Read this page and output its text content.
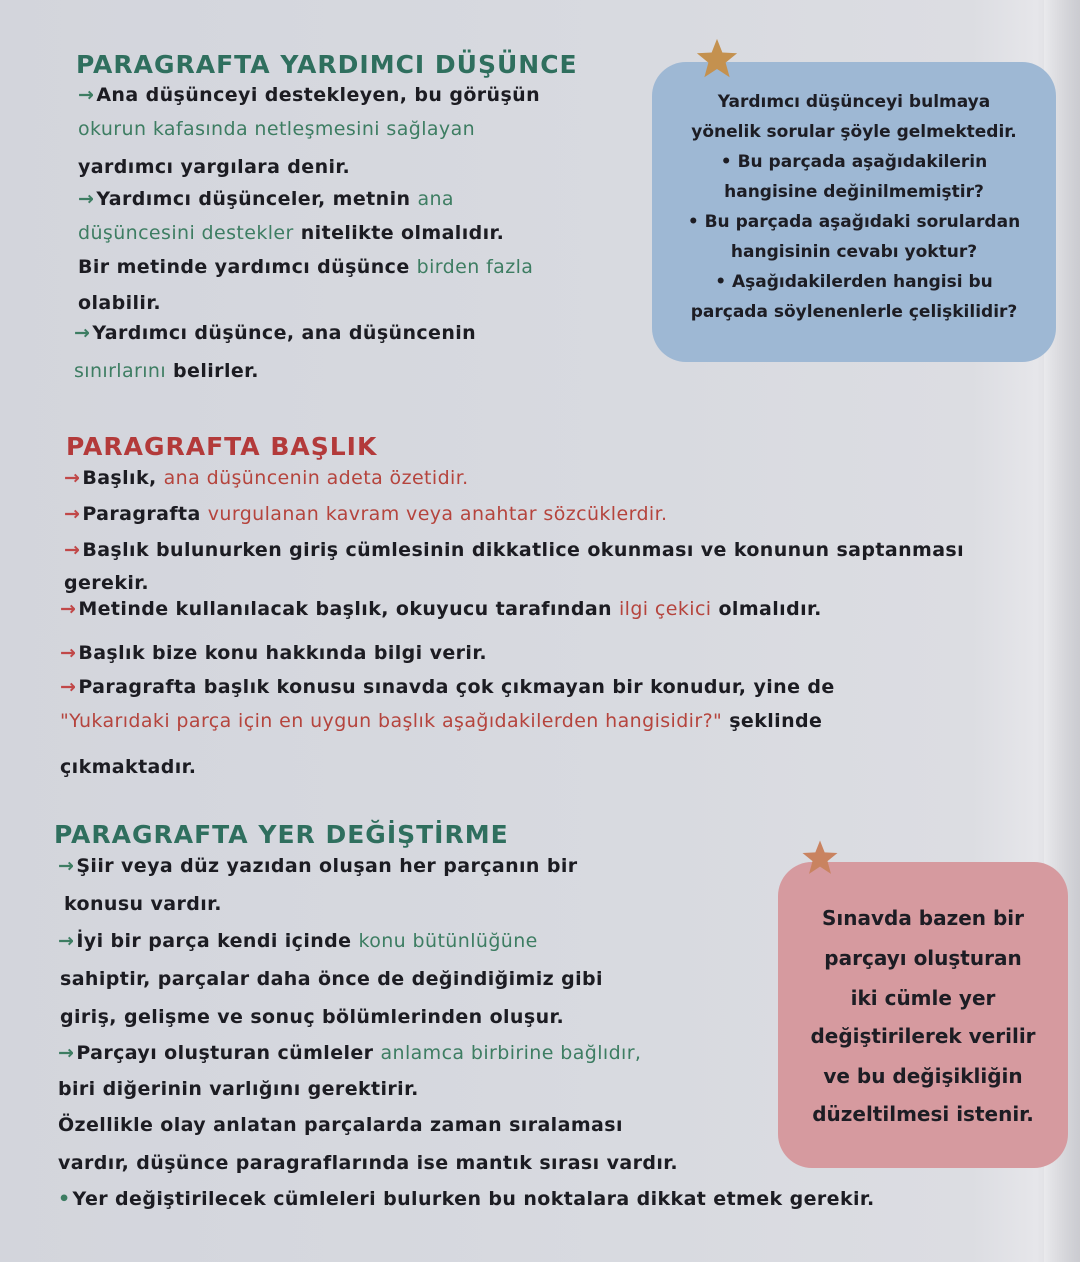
PARAGRAFTA YARDIMCI DÜŞÜNCE
→ Ana düşünceyi destekleyen, bu görüşün
okurun kafasında netleşmesini sağlayan
yardımcı yargılara denir.
→ Yardımcı düşünceler, metnin ana
düşüncesini destekler nitelikte olmalıdır.
Bir metinde yardımcı düşünce birden fazla
olabilir.
→ Yardımcı düşünce, ana düşüncenin
sınırlarını belirler.
Yardımcı düşünceyi bulmaya
yönelik sorular şöyle gelmektedir.
• Bu parçada aşağıdakilerin
hangisine değinilmemiştir?
• Bu parçada aşağıdaki sorulardan
hangisinin cevabı yoktur?
• Aşağıdakilerden hangisi bu
parçada söylenenlerle çelişkilidir?
PARAGRAFTA BAŞLIK
→ Başlık, ana düşüncenin adeta özetidir.
→ Paragrafta vurgulanan kavram veya anahtar sözcüklerdir.
→ Başlık bulunurken giriş cümlesinin dikkatlice okunması ve konunun saptanması
gerekir.
→ Metinde kullanılacak başlık, okuyucu tarafından ilgi çekici olmalıdır.
→ Başlık bize konu hakkında bilgi verir.
→ Paragrafta başlık konusu sınavda çok çıkmayan bir konudur, yine de
"Yukarıdaki parça için en uygun başlık aşağıdakilerden hangisidir?" şeklinde
çıkmaktadır.
PARAGRAFTA YER DEĞİŞTİRME
→ Şiir veya düz yazıdan oluşan her parçanın bir
konusu vardır.
→ İyi bir parça kendi içinde konu bütünlüğüne
sahiptir, parçalar daha önce de değindiğimiz gibi
giriş, gelişme ve sonuç bölümlerinden oluşur.
→ Parçayı oluşturan cümleler anlamca birbirine bağlıdır,
biri diğerinin varlığını gerektirir.
Özellikle olay anlatan parçalarda zaman sıralaması
vardır, düşünce paragraflarında ise mantık sırası vardır.
• Yer değiştirilecek cümleleri bulurken bu noktalara dikkat etmek gerekir.
Sınavda bazen bir
parçayı oluşturan
iki cümle yer
değiştirilerek verilir
ve bu değişikliğin
düzeltilmesi istenir.
